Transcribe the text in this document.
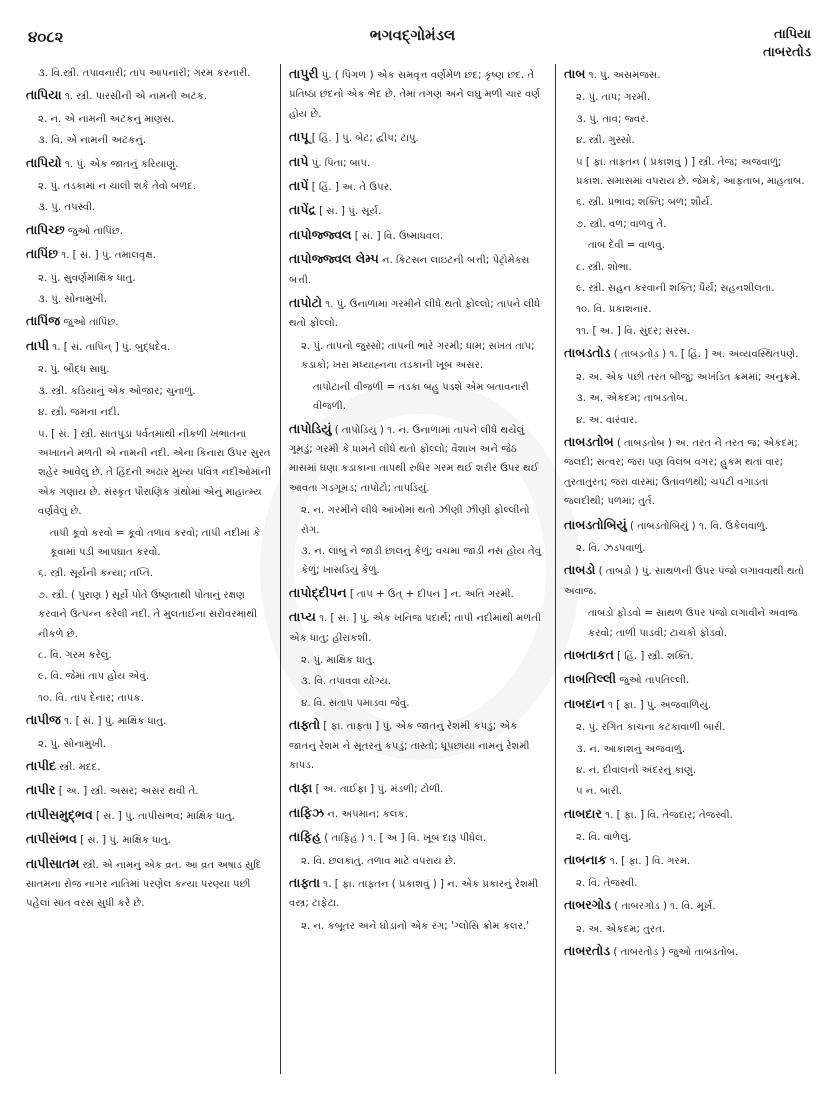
૪૦૮૨	ભગવદ્ગોમંડલ	તાપિયા
તાબરતોડ
૩. વિ.સ્ત્રી. તપાવનારી; તાપ આપનારી; ગરમ કરનારી.
તાપિયા ૧. સ્ત્રી. પારસીની એ નામની અટક.
૨. ન. એ નામની અટકનું માણસ.
૩. વિ. એ નામની અટકનું.
તાપિયો ૧. પું. એક જાતનું કરિયાણું.
૨. પું. તડકામાં ન ચાલી શકે તેવો બળદ.
૩. પું. તપસ્વી.
તાપિચ્છ જુઓ તાપિંછ.
તાપિંછ ૧. [ સં. ] પું. તમાલવૃક્ષ.
૨. પું. સુવર્ણમાક્ષિક ધાતુ.
૩. પું. સોનામુખી.
તાપિંજ જુઓ તાપિંછ.
તાપી ૧. [ સં. તાપિન્ ] પું. બુદ્ધદેવ.
૨. પું. બૌદ્ધ સાધુ.
૩. સ્ત્રી. કડિયાનું એક ઓજાર; ચુનાળું.
૪. સ્ત્રી. જમના નદી.
૫. [ સં. ] સ્ત્રી. સાતપુડા પર્વતમાંથી નીકળી ખંભાતના અખાતને મળતી એ નામની નદી. એના કિનારા ઉપર સુરત શહેર આવેલું છે. તે હિંદની અઢાર મુખ્ય પવિત્ર નદીઓમાંની એક ગણાય છે. સંસ્કૃત પૌરાણિક ગ્રંથોમાં એનું માહાત્મ્ય વર્ણવેલું છે.
તાપી કૂવો કરવો = કૂવો તળાવ કરવો; તાપી નદીમાં કે કૂવામાં પડી આપઘાત કરવો.
૬. સ્ત્રી. સૂર્યની કન્યા; તપ્તિ.
૭. સ્ત્રી. ( પુરાણ ) સૂર્યે પોતે ઉષ્ણતાથી પોતાનું રક્ષણ કરવાને ઉત્પન્ન કરેલી નદી. તે મુલતાઈના સરોવરમાંથી નીકળે છે.
૮. વિ. ગરમ કરેલું.
૯. વિ. જેમાં તાપ હોય એવું.
૧૦. વિ. તાપ દેનાર; તાપક.
તાપીજ ૧. [ સં. ] પું. માક્ષિક ધાતુ.
૨. પું. સોનામુખી.
તાપીદ સ્ત્રી. મદદ.
તાપીર [ અ. ] સ્ત્રી. અસર; અસર થવી તે.
તાપીસમુદ્ભવ [ સં. ] પું. તાપીસંભવ; માક્ષિક ધાતુ.
તાપીસંભવ [ સં. ] પું. માક્ષિક ધાતુ.
તાપીસાતમ સ્ત્રી. એ નામનું એક વ્રત. આ વ્રત અષાડ સુદિ સાતમના રોજ નાગર નાતિમાં પરણેલ કન્યા પરણ્યા પછી પહેલાં સાત વરસ સુધી કરે છે.
તાપુરી પું. ( પિંગળ ) એક સમવૃત્ત વર્ણમેળ છંદ; કૃષ્ણ છંદ. તે પ્રતિષ્ઠા છંદનો એક ભેદ છે. તેમાં તગણ અને લઘુ મળી ચાર વર્ણ હોય છે.
તાપૂ [ હિં. ] પું. બેટ; દ્વીપ; ટાપુ.
તાપે પું. પિતા; બાપ.
તાપેં [ હિં. ] અ. તે ઉપર.
તાપેંદ્ર [ સં. ] પું. સૂર્ય.
તાપોજ્જ્વલ [ સં. ] વિ. ઉષ્માધવલ.
તાપોજ્જ્વલ લેમ્પ ન. કિટસન લાઇટની બત્તી; પેટ્રોમેક્સ બત્તી.
તાપોટો ૧. પું. ઉનાળામાં ગરમીને લીધે થતો ફોલ્લો; તાપને લીધે થતો ફોલ્લો.
૨. પું. તાપનો જુસ્સો; તાપની ભારે ગરમી; ધામ; સખત તાપ; કડાકો; ખરા મધ્યાહ્નના તડકાની ખૂબ અસર.
તાપોટાની વીજળી = તડકા બહુ પડશે એમ બતાવનારી વીજળી.
તાપોડિયું ( તાપોડ઼િયું ) ૧. ન. ઉનાળામાં તાપને લીધે થયેલું ગૂમડું; ગરમી કે ધામને લીધે થતો ફોલ્લો; વૈશાખ અને જેઠ માસમાં ઘણા કડાકાના તાપથી રુધિર ગરમ થઈ શરીર ઉપર થઈ આવતા ગડગૂમડ; તાપોટો; તાપડિયું.
૨. ન. ગરમીને લીધે આંખોમાં થતો ઝીણી ઝીણી ફોલ્લીનો રોગ.
૩. ન. લાંબું ને જાડી છાલનું કેળું; વચમાં જાડી નસ હોય તેવું કેળું; ખાસડિયું કેળું.
તાપોદ્દીપન [ તાપ + ઉત્ + દીપન ] ન. અતિ ગરમી.
તાપ્ય ૧. [ સં. ] પું. એક ખનિજ પદાર્થ; તાપી નદીમાંથી મળતી એક ધાતુ; હીરાકશી.
૨. પું. માક્ષિક ધાતુ.
૩. વિ. તપાવવા યોગ્ય.
૪. વિ. સંતાપ પમાડવા જેવું.
તાફ્તો [ ફા. તાફ્તા ] પું. એક જાતનું રેશમી કપડું; એક જાતનું રેશમ ને સૂતરનું કપડું; તાસ્તો; ધૂપછાંયા નામનું રેશમી કાપડ.
તાફા [ અ. તાઈફા ] પું. મંડળી; ટોળી.
તાફિઝ ન. અપમાન; કલંક.
તાફિહ ( તાફ઼િહ ) ૧. [ અ ] વિ. ખૂબ દારૂ પીધેલ.
૨. વિ. છલકાતું. તળાવ માટે વપરાય છે.
તાફ્તા ૧. [ ફા. તાફ્તન ( પ્રકાશવું ) ] ન. એક પ્રકારનું રેશમી વસ્ત્ર; ટાફેટા.
૨. ન. કબૂતર અને ઘોડાનો એક રંગ; 'ગ્લોસિ ક્રોમ કલર.'
તાબ ૧. પું. અસમંજસ.
૨. પું. તાપ; ગરમી.
૩. પું. તાવ; જ્વર.
૪. સ્ત્રી. ગુસ્સો.
૫ [ ફા. તાફ્તન ( પ્રકાશવું ) ] સ્ત્રી. તેજ; અજવાળું; પ્રકાશ. સમાસમાં વપરાય છે. જેમકે, આફતાબ, માહતાબ.
૬. સ્ત્રી. પ્રભાવ; શક્તિ; બળ; શૌર્ય.
૭. સ્ત્રી. વળ; વાળવું તે.
તાબ દેવી = વાળવું.
૮. સ્ત્રી. શોભા.
૯. સ્ત્રી. સહન કરવાની શક્તિ; ધૈર્ય; સહનશીલતા.
૧૦. વિ. પ્રકાશનાર.
૧૧. [ અ. ] વિ. સુંદર; સરસ.
તાબડતોડ ( તાબડ઼તોડ઼ ) ૧. [ હિં. ] અ. અવ્યવસ્થિતપણે.
૨. અ. એક પછી તરત બીજું; અખંડિત ક્રમમાં; અનુક્રમે.
૩. અ. એકદમ; તાબડતોબ.
૪. અ. વારંવાર.
તાબડતોબ ( તાબડ઼તોબ ) અ. તરત ને તરત જ; એકદમ; જલદી; સત્વર; જરા પણ વિલંબ વગર; હુકમ થતાં વાર; તુરતાતુરત; જરા વારમાં; ઉતાવળથી; ચપટી વગાડતાં જલદીથી; પળમાં; તુર્ત.
તાબડતોબિયું ( તાબડ઼તોબિયું ) ૧. વિ. ઉકેલવાળું.
૨. વિ. ઝડપવાળું.
તાબડો ( તાબડ઼ો ) પું. સાથળની ઉપર પંજો લગાવવાથી થતો અવાજ.
તાબડો ફોડવો = સાથળ ઉપર પંજો લગાવીને અવાજ કરવો; તાળી પાડવી; ટાચકો ફોડવો.
તાબતાકત [ હિં. ] સ્ત્રી. શક્તિ.
તાબતિલ્લી જુઓ તાપતિલ્લી.
તાબદાન ૧ [ ફા. ] પું. અજવાળિયું.
૨. પું. રંગિત કાચના કટકાવાળી બારી.
૩. ન. આકાશનું અજવાળું.
૪. ન. દીવાલની અંદરનું કાણું.
૫ ન. બારી.
તાબદાર ૧. [ ફા. ] વિ. તેજદાર; તેજસ્વી.
૨. વિ. વાળેલું.
તાબનાક ૧. [ ફા. ] વિ. ગરમ.
૨. વિ. તેજસ્વી.
તાબરગોડ ( તાબરગોડ઼ ) ૧. વિ. મૂર્ખ.
૨. અ. એકદમ; તુરત.
તાબરતોડ ( તાબરતોડ઼ ) જુઓ તાબડતોબ.
